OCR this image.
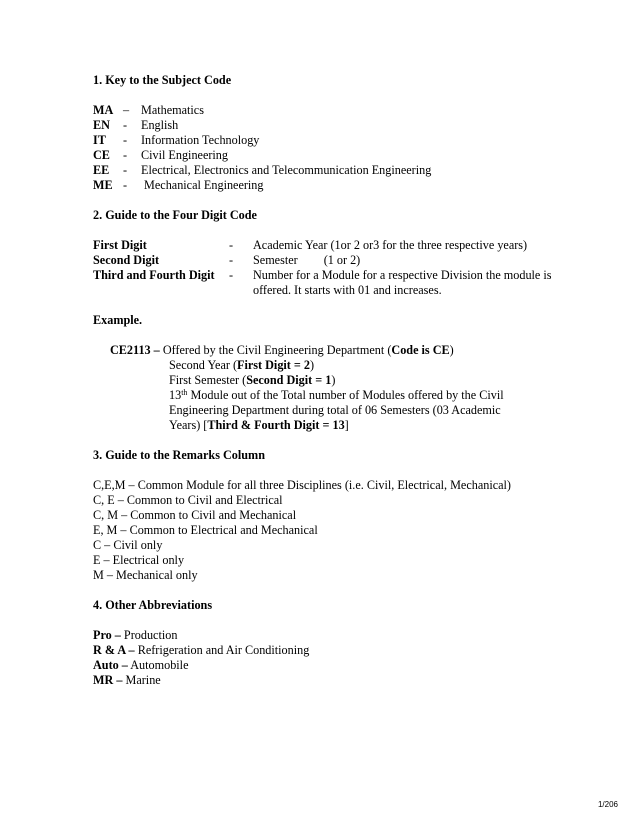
1. Key to the Subject Code

MA – Mathematics
EN	-	English
IT	-	Information Technology
CE	-	Civil Engineering
EE	-	Electrical, Electronics and Telecommunication Engineering
ME -	Mechanical Engineering

2. Guide to the Four Digit Code

First Digit	-	Academic Year (1or 2 or3 for the three respective years)
Second Digit	-	Semester (1 or 2)
Third and Fourth Digit	-	Number for a Module for a respective Division the module is offered. It starts with 01 and increases.

Example.

CE2113 – Offered by the Civil Engineering Department (Code is CE)
Second Year (First Digit = 2)
First Semester (Second Digit = 1)
13th Module out of the Total number of Modules offered by the Civil
Engineering Department during total of 06 Semesters (03 Academic
Years) [Third & Fourth Digit = 13]

3. Guide to the Remarks Column

C,E,M – Common Module for all three Disciplines (i.e. Civil, Electrical, Mechanical)
C, E – Common to Civil and Electrical
C, M – Common to Civil and Mechanical
E, M – Common to Electrical and Mechanical
C – Civil only
E – Electrical only
M – Mechanical only

4. Other Abbreviations

Pro – Production
R & A – Refrigeration and Air Conditioning
Auto – Automobile
MR – Marine
1/206
